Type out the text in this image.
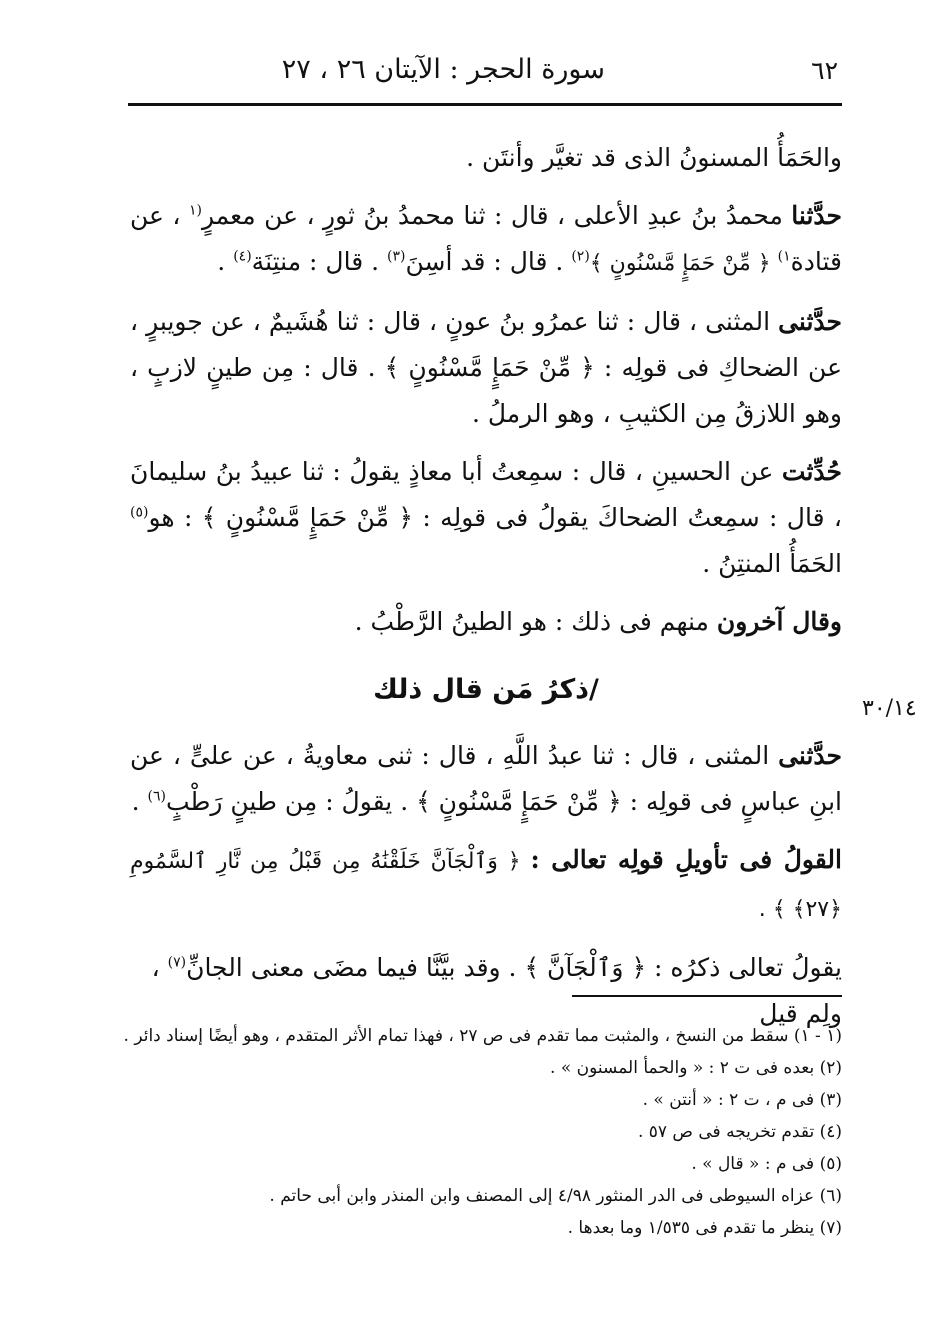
٦٢
سورة الحجر : الآيتان ٢٦ ، ٢٧
٣٠/١٤

والحَمَأُ المسنونُ الذى قد تغيَّر وأنتَن .

حدَّثنا محمدُ بنُ عبدِ الأعلى ، قال : ثنا محمدُ بنُ ثورٍ ، عن معمرٍ$^{(١}$ ، عن قتادة$^{١)}$ ﴿ مِّنْ حَمَإٍ مَّسْنُونٍ ﴾$^{(٢)}$ . قال : قد أسِنَ$^{(٣)}$ . قال : منتِنَة$^{(٤)}$ .

حدَّثنى المثنى ، قال : ثنا عمرُو بنُ عونٍ ، قال : ثنا هُشَيمٌ ، عن جويبرٍ ، عن الضحاكِ فى قولِه : ﴿ مِّنْ حَمَإٍ مَّسْنُونٍ ﴾ . قال : مِن طينٍ لازبٍ ، وهو اللازقُ مِن الكثيبِ ، وهو الرملُ .

حُدِّثت عن الحسينِ ، قال : سمِعتُ أبا معاذٍ يقولُ : ثنا عبيدُ بنُ سليمانَ ، قال : سمِعتُ الضحاكَ يقولُ فى قولِه : ﴿ مِّنْ حَمَإٍ مَّسْنُونٍ ﴾ : هو$^{(٥)}$ الحَمَأُ المنتِنُ .

وقال آخرون منهم فى ذلك : هو الطينُ الرَّطْبُ .

/ذكرُ مَن قال ذلك

حدَّثنى المثنى ، قال : ثنا عبدُ اللَّهِ ، قال : ثنى معاويةُ ، عن علىٍّ ، عن ابنِ عباسٍ فى قولِه : ﴿ مِّنْ حَمَإٍ مَّسْنُونٍ ﴾ . يقولُ : مِن طينٍ رَطْبٍ$^{(٦)}$ .

القولُ فى تأويلِ قولِه تعالى : ﴿ وَٱلْجَآنَّ خَلَقْنَٰهُ مِن قَبْلُ مِن نَّارِ ٱلسَّمُومِ ﴿٢٧﴾ ﴾ .

يقولُ تعالى ذكرُه : ﴿ وَٱلْجَآنَّ ﴾ . وقد بيَّنَّا فيما مضَى معنى الجانِّ$^{(٧)}$ ، ولِم قيل

(١ - ١) سقط من النسخ ، والمثبت مما تقدم فى ص ٢٧ ، فهذا تمام الأثر المتقدم ، وهو أيضًا إسناد دائر .

(٢) بعده فى ت ٢ : « والحمأ المسنون » .

(٣) فى م ، ت ٢ : « أنتن » .

(٤) تقدم تخريجه فى ص ٥٧ .

(٥) فى م : « قال » .

(٦) عزاه السيوطى فى الدر المنثور ٤/٩٨ إلى المصنف وابن المنذر وابن أبى حاتم .

(٧) ينظر ما تقدم فى ١/٥٣٥ وما بعدها .
